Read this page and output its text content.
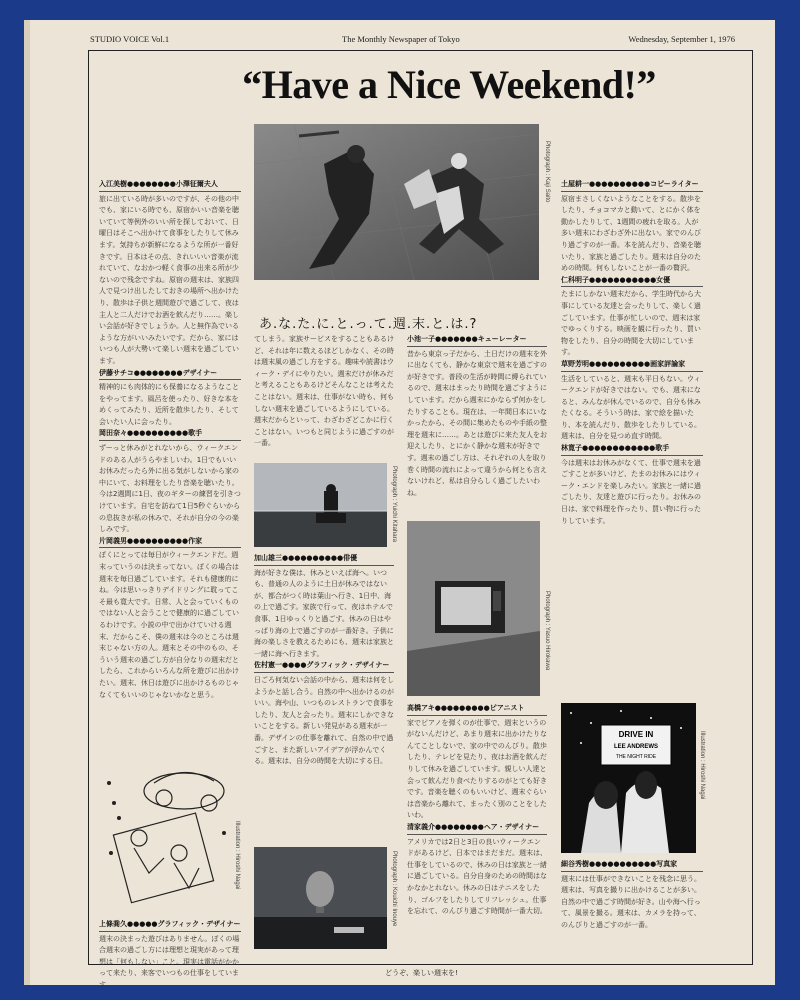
STUDIO VOICE Vol.1	The Monthly Newspaper of Tokyo	Wednesday, September 1, 1976
“Have a Nice Weekend!”
Photograph : Kaji Saito
あ.な.た.に.と.っ.て.週.末.と.は.?
入江美樹●●●●●●●●小澤征爾夫人
旅に出ている時が多いのですが、その他の中でも、家にいる時でも、原宿かいい音楽を聴いていて等例外のいい所を探しておいて、日曜日はそこへ出かけて食事をしたりして休みます。気持ちが新鮮になるような所が一番好きです。日本はその点、きれいいい音楽が流れていて、なおかつ軽く食事の出来る所が少ないので残念ですね。原宿の週末は、家族四人で見つけ出したしておきの場所へ出かけたり、散歩は子供と週間遊びで過ごして、夜は主人と二人だけでお酒を飲んだり……。楽しい会話が好きでしょうか。人と無作為でいるような方がいいみたいです。だから、家にはいつも人が大勢いて楽しい週末を過ごしています。
伊藤サチコ●●●●●●●●デザイナー
精神的にも肉体的にも保養になるようなことをやってます。風呂を使ったり、好きな本をめくってみたり、近所を散歩したり、そして会いたい人に会ったり。
岡田奈々●●●●●●●●●●歌手
ずーっと休みがとれないから、ウィークエンドのある人がうらやましいわ。1日でもいいお休みだったら外に出る気がしないから家の中にいて、お料理をしたり音楽を聴いたり。今は2週間に1日、夜のギターの練習を引きつけています。自宅を訪ねて1日5秒ぐらいからの息抜きが私の休みで、それが自分の今の楽しみです。
片岡義男●●●●●●●●●●作家
ぼくにとっては毎日がウィークエンドだ。週末っていうのは決まってない。ぼくの場合は週末を毎日過ごしています。それも健康的にね。今は思いっきりデイドリングに耽ってこそ最も寛大です。日常、人と会っていくものではない人と会うことで健康的に過ごしているわけです。小説の中で出かけていける週末、だからこそ、僕の週末は今のところは週末じゃない方の人。週末とその中のもの、そういう週末の過ごし方が自分なりの週末だとしたら、これからいろんな所を遊びに出かけたい。週末、休日は遊びに出かけるものじゃなくてもいいのじゃないかなと思う。
Illustration : Hiroshi Nagai
上條喬久●●●●●グラフィック・デザイナー
週末の決まった遊びはありません。ぼくの場合週末の過ごし方には理想と現実があって理想は「何もしない」こと。現実は電話がかかって来たり、来客でいつもの仕事をしています。
てしまう。家族サービスをすることもあるけど、それは年に数えるほどしかなく、その時は週末風の過ごし方をする。趣味や読書はウィーク・デイにやりたい。週末だけが休みだと考えることもあるけどそんなことは考えたことはない。週末は、仕事がない時も、何もしない週末を過ごしているようにしている。週末だからといって、わざわざどこかに行くことはない。いつもと同じように過ごすのが一番。
Photograph : Yuichi Kitahara
加山雄三●●●●●●●●●●俳優
海が好きな僕は、休みといえば海へ。いつも、普通の人のように土日が休みではないが、都合がつく時は葉山へ行き、1日中、海の上で過ごす。家族で行って、夜はホテルで食事、1日ゆっくりと過ごす。休みの日はやっぱり海の上で過ごすのが一番好き。子供に海の楽しさを教えるためにも、週末は家族と一緒に海へ行きます。
佐村憲一●●●●グラフィック・デザイナー
日ごろ何気ない会話の中から、週末は何をしようかと話し合う。自然の中へ出かけるのがいい。海や山、いつものレストランで食事をしたり、友人と会ったり。週末にしかできないことをする。新しい発見がある週末が一番。デザインの仕事を離れて、自然の中で過ごすと、また新しいアイデアが浮かんでくる。週末は、自分の時間を大切にする日。
Photograph : Kouichi Inouye
小池一子●●●●●●●キューレーター
昔から東京っ子だから、土日だけの週末を外に出なくても、静かな東京で週末を過ごすのが好きです。普段の生活が時間に縛られているので、週末はまったり時間を過ごすようにしています。だから週末にかならず何かをしたりすることも。現在は、一年間日本にいなかったから、その間に集めたものや手紙の整理を週末に……。あとは遊びに来た友人をお迎えしたり、とにかく静かな週末が好きです。週末の過ごし方は、それぞれの人を取り巻く時間の流れによって違うから何とも言えないけれど、私は自分らしく過ごしたいわね。
Photograph : Yasuo Hirokawa
高橋アキ●●●●●●●●●ピアニスト
家でピアノを弾くのが仕事で、週末というのがないんだけど、あまり週末に出かけたりなんてことしないで、家の中でのんびり。散歩したり、テレビを見たり、夜はお酒を飲んだりして休みを過ごしています。親しい人達と会って飲んだり食べたりするのがとても好きです。音楽を聴くのもいいけど、週末ぐらいは音楽から離れて、まったく別のことをしたいわ。
清家義介●●●●●●●●ヘア・デザイナー
アメリカでは2日と3日の良いウィークエンドがあるけど、日本ではまだまだ。週末は、仕事をしているので、休みの日は家族と一緒に過ごしている。自分自身のための時間はなかなかとれない。休みの日はテニスをしたり、ゴルフをしたりしてリフレッシュ。仕事を忘れて、のんびり過ごす時間が一番大切。
土屋耕一●●●●●●●●●●コピーライター
原宿まさしくないようなことをする。散歩をしたり、チョコマカと動いて、とにかく体を動かしたりして、1週間の疲れを取る。人が多い週末にわざわざ外に出ない。家でのんびり過ごすのが一番。本を読んだり、音楽を聴いたり、家族と過ごしたり。週末は自分のための時間。何もしないことが一番の贅沢。
仁科明子●●●●●●●●●●●女優
たまにしかない週末だから、学生時代から大事にしている友達と会ったりして、楽しく過ごしています。仕事が忙しいので、週末は家でゆっくりする。映画を観に行ったり、買い物をしたり、自分の時間を大切にしています。
草野芳明●●●●●●●●●●画家評論家
生活をしていると、週末も平日もない。ウィークエンドが好きではない。でも、週末になると、みんなが休んでいるので、自分も休みたくなる。そういう時は、家で絵を描いたり、本を読んだり、散歩をしたりしている。週末は、自分を見つめ直す時間。
林寛子●●●●●●●●●●●●歌手
今は週末はお休みがなくて、仕事で週末を過ごすことが多いけど、たまのお休みにはウィーク・エンドを楽しみたい。家族と一緒に過ごしたり、友達と遊びに行ったり。お休みの日は、家で料理を作ったり、買い物に行ったりしています。
DRIVE IN
LEE ANDREWS
THE NIGHT RIDE	Illustration : Hiroshi Nagai
細谷秀樹●●●●●●●●●●●写真家
週末には仕事ができないことを残念に思う。週末は、写真を撮りに出かけることが多い。自然の中で過ごす時間が好き。山や海へ行って、風景を撮る。週末は、カメラを持って、のんびりと過ごすのが一番。
どうぞ、楽しい週末を!
